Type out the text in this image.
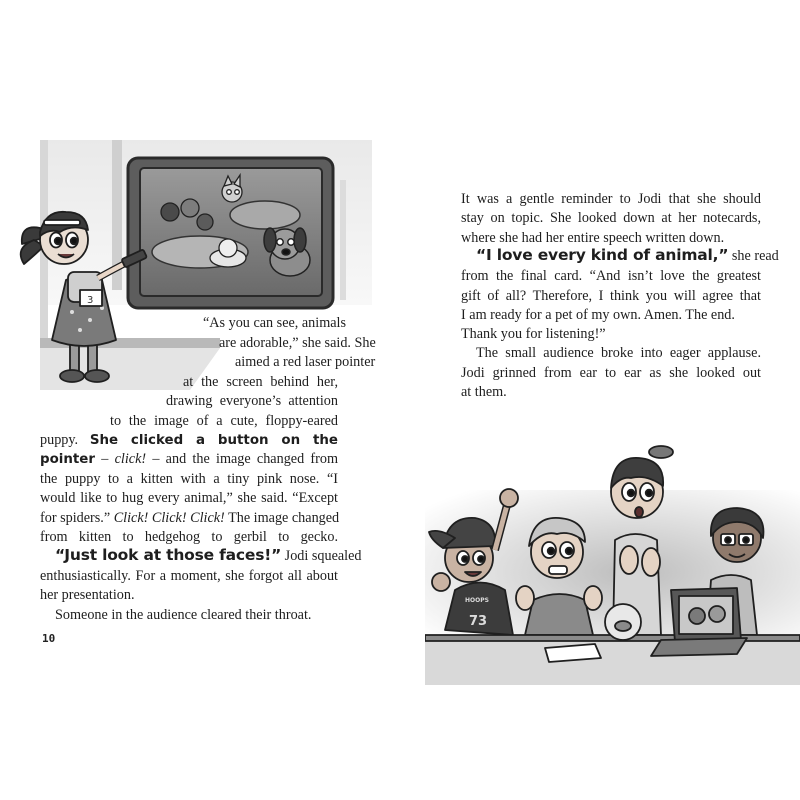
3
“As you can see, animals
are adorable,” she said. She
aimed a red laser pointer
at the screen behind her,
drawing everyone’s attention
to the image of a cute, floppy-eared
puppy. She clicked a button on the
pointer – click! – and the image changed from
the puppy to a kitten with a tiny pink nose. “I
would like to hug every animal,” she said. “Except
for spiders.” Click! Click! Click! The image changed
from kitten to hedgehog to gerbil to gecko.
“Just look at those faces!” Jodi squealed
enthusiastically. For a moment, she forgot all about
her presentation.
Someone in the audience cleared their throat.
10
It was a gentle reminder to Jodi that she should
stay on topic. She looked down at her notecards,
where she had her entire speech written down.
“I love every kind of animal,” she read
from the final card. “And isn’t love the greatest
gift of all? Therefore, I think you will agree that
I am ready for a pet of my own. Amen. The end.
Thank you for listening!”
The small audience broke into eager applause.
Jodi grinned from ear to ear as she looked out
at them.
73
HOOPS
